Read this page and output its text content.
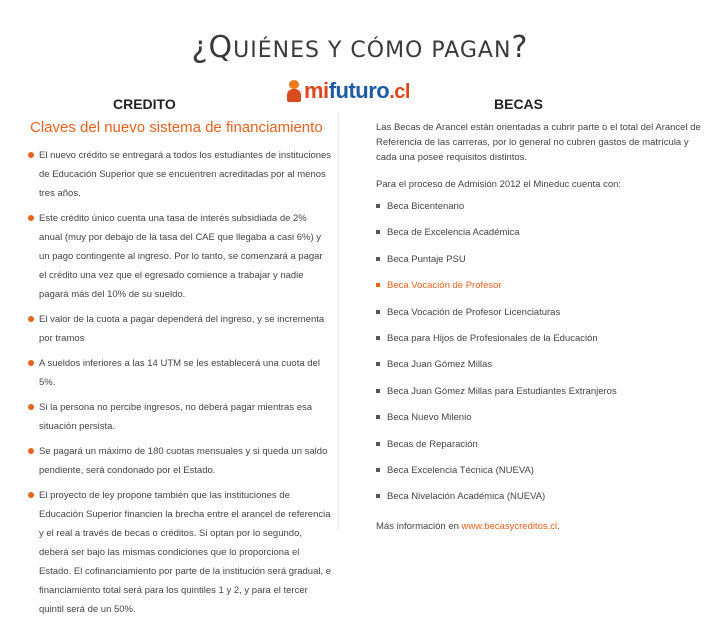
¿QUIÉNES Y CÓMO PAGAN?
CREDITO
mifuturo.cl
BECAS
Claves del nuevo sistema de financiamiento
El nuevo crédito se entregará a todos los estudiantes de instituciones de Educación Superior que se encuentren acreditadas por al menos tres años.
Este crédito único cuenta una tasa de interés subsidiada de 2% anual (muy por debajo de la tasa del CAE que llegaba a casi 6%) y un pago contingente al ingreso. Por lo tanto, se comenzará a pagar el crédito una vez que el egresado comience a trabajar y nadie pagará más del 10% de su sueldo.
El valor de la cuota a pagar dependerá del ingreso, y se incrementa por tramos
A sueldos inferiores a las 14 UTM se les establecerá una cuota del 5%.
Si la persona no percibe ingresos, no deberá pagar mientras esa situación persista.
Se pagará un máximo de 180 cuotas mensuales y si queda un saldo pendiente, será condonado por el Estado.
El proyecto de ley propone también que las instituciones de Educación Superior financien la brecha entre el arancel de referencia y el real a través de becas o créditos. Si optan por lo segundo, deberá ser bajo las mismas condiciones que lo proporciona el Estado. El cofinanciamiento por parte de la institución será gradual, e financiamiento total será para los quintiles 1 y 2, y para el tercer quintil será de un 50%.
Las Becas de Arancel están orientadas a cubrir parte o el total del Arancel de Referencia de las carreras, por lo general no cubren gastos de matrícula y cada una posee requisitos distintos.
Para el proceso de Admisión 2012 el Mineduc cuenta con:
Beca Bicentenario
Beca de Excelencia Académica
Beca Puntaje PSU
Beca Vocación de Profesor
Beca Vocación de Profesor Licenciaturas
Beca para Hijos de Profesionales de la Educación
Beca Juan Gómez Millas
Beca Juan Gómez Millas para Estudiantes Extranjeros
Beca Nuevo Milenio
Becas de Reparación
Beca Excelencia Técnica (NUEVA)
Beca Nivelación Académica (NUEVA)
Más información en www.becasycreditos.cl.
